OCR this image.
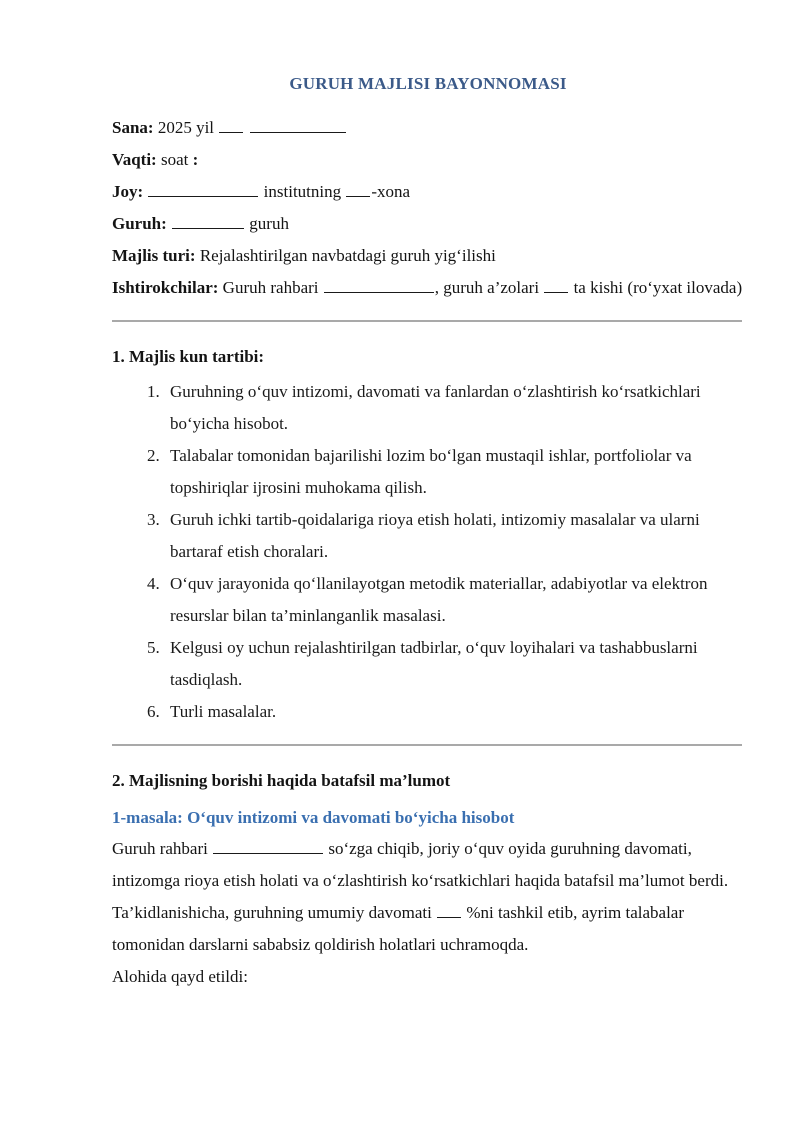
GURUH MAJLISI BAYONNOMASI

Sana: 2025 yil

Vaqti: soat :

Joy:	institutning -xona

Guruh:	guruh

Majlis turi: Rejalashtirilgan navbatdagi guruh yig‘ilishi

Ishtirokchilar: Guruh rahbari	, guruh a’zolari ta kishi (ro‘yxat ilovada)

1. Majlis kun tartibi:

1. Guruhning o‘quv intizomi, davomati va fanlardan o‘zlashtirish ko‘rsatkichlari bo‘yicha hisobot.
2. Talabalar tomonidan bajarilishi lozim bo‘lgan mustaqil ishlar, portfoliolar va topshiriqlar ijrosini muhokama qilish.
3. Guruh ichki tartib-qoidalariga rioya etish holati, intizomiy masalalar va ularni bartaraf etish choralari.
4. O‘quv jarayonida qo‘llanilayotgan metodik materiallar, adabiyotlar va elektron resurslar bilan ta’minlanganlik masalasi.
5. Kelgusi oy uchun rejalashtirilgan tadbirlar, o‘quv loyihalari va tashabbuslarni tasdiqlash.
6. Turli masalalar.

2. Majlisning borishi haqida batafsil ma’lumot

1-masala: O‘quv intizomi va davomati bo‘yicha hisobot

Guruh rahbari	so‘zga chiqib, joriy o‘quv oyida guruhning davomati, intizomga rioya etish holati va o‘zlashtirish ko‘rsatkichlari haqida batafsil ma’lumot berdi. Ta’kidlanishicha, guruhning umumiy davomati %ni tashkil etib, ayrim talabalar tomonidan darslarni sababsiz qoldirish holatlari uchramoqda.

Alohida qayd etildi:
